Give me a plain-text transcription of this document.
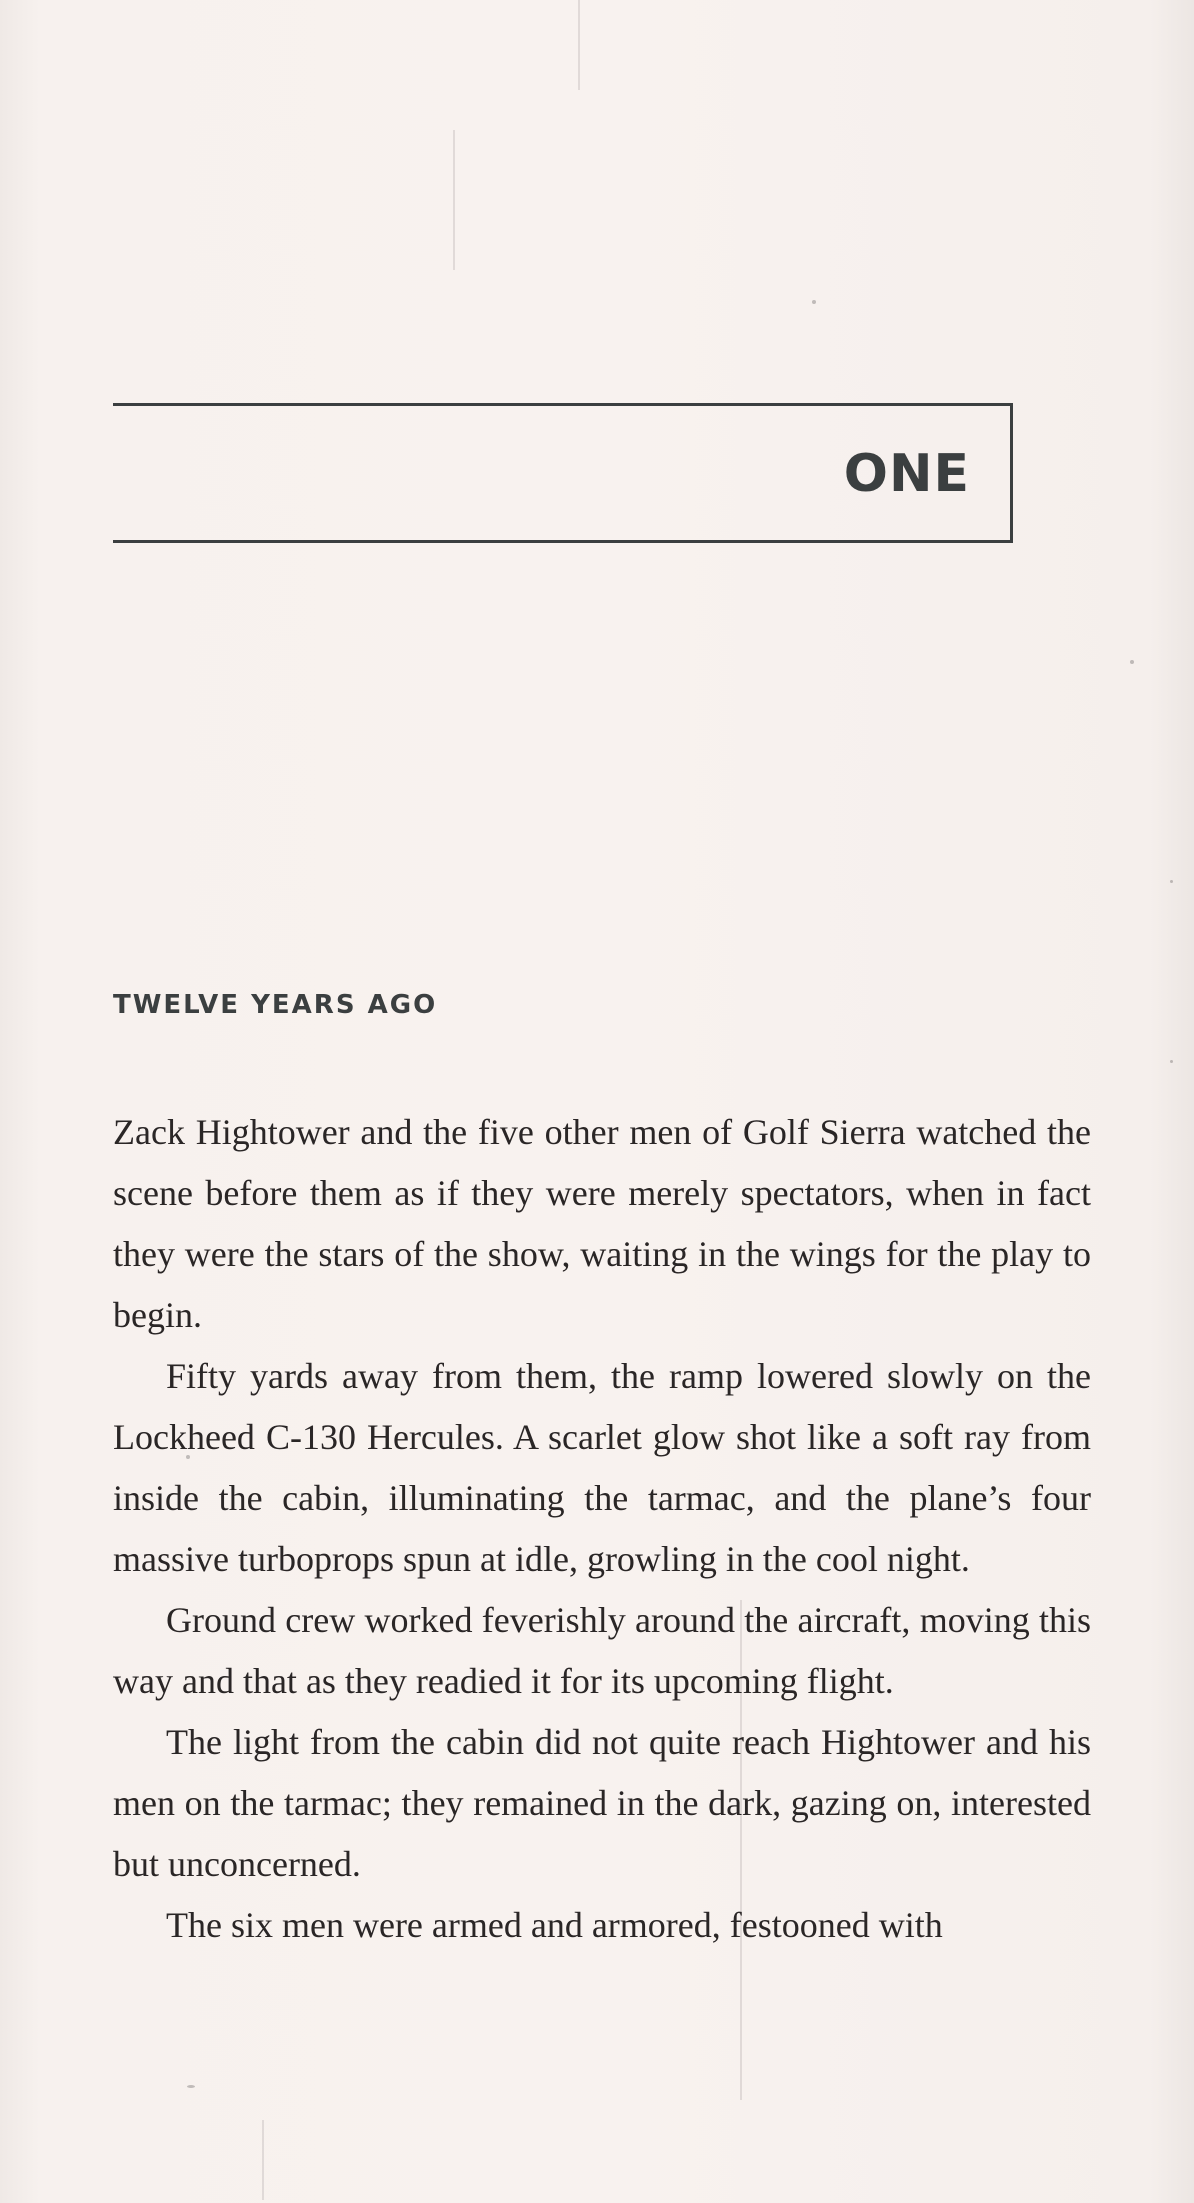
ONE
TWELVE YEARS AGO

Zack Hightower and the five other men of Golf Sierra watched the scene before them as if they were merely spectators, when in fact they were the stars of the show, waiting in the wings for the play to begin.

Fifty yards away from them, the ramp lowered slowly on the Lockheed C-130 Hercules. A scarlet glow shot like a soft ray from inside the cabin, illuminating the tarmac, and the plane’s four massive turboprops spun at idle, growling in the cool night.

Ground crew worked feverishly around the aircraft, moving this way and that as they readied it for its upcoming flight.

The light from the cabin did not quite reach Hightower and his men on the tarmac; they remained in the dark, gazing on, interested but unconcerned.

The six men were armed and armored, festooned with
